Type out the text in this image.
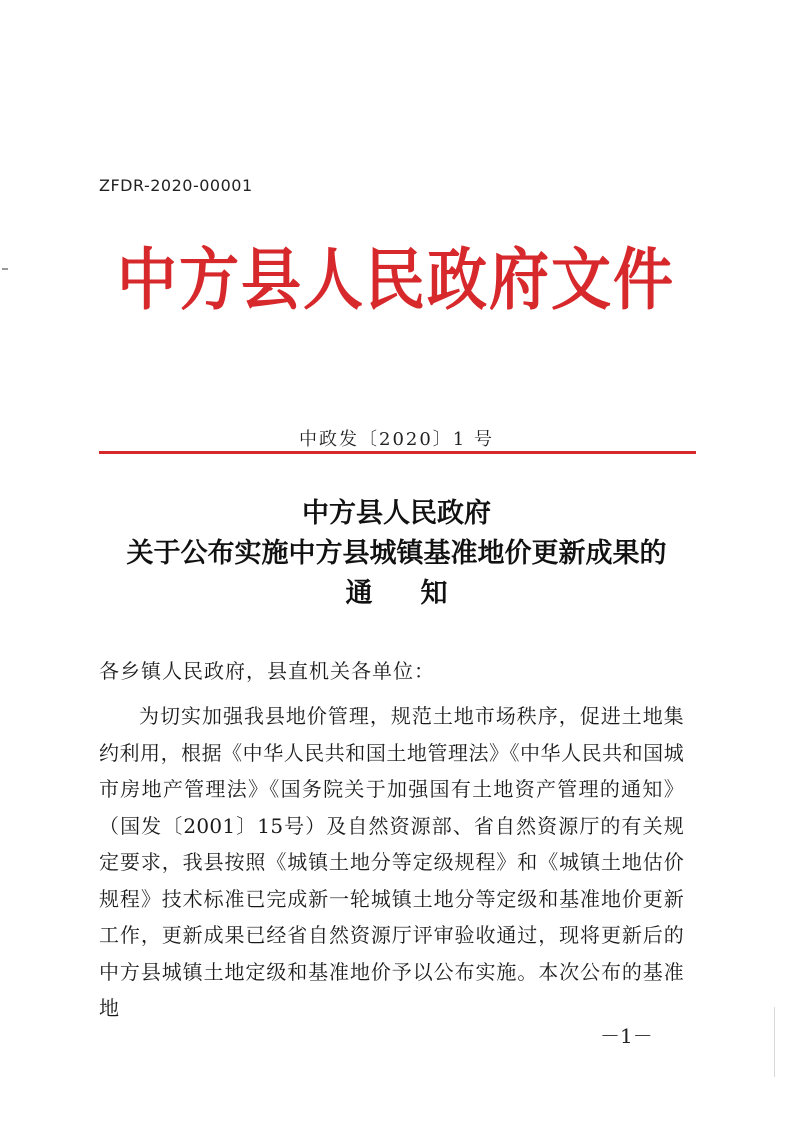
ZFDR-2020-00001
中方县人民政府文件
中政发〔2020〕1 号
中方县人民政府
关于公布实施中方县城镇基准地价更新成果的
通知
各乡镇人民政府，县直机关各单位：

为切实加强我县地价管理，规范土地市场秩序，促进土地集约利用，根据《中华人民共和国土地管理法》《中华人民共和国城市房地产管理法》《国务院关于加强国有土地资产管理的通知》（国发〔2001〕15号）及自然资源部、省自然资源厅的有关规定要求，我县按照《城镇土地分等定级规程》和《城镇土地估价规程》技术标准已完成新一轮城镇土地分等定级和基准地价更新工作，更新成果已经省自然资源厅评审验收通过，现将更新后的中方县城镇土地定级和基准地价予以公布实施。本次公布的基准地

－1－
